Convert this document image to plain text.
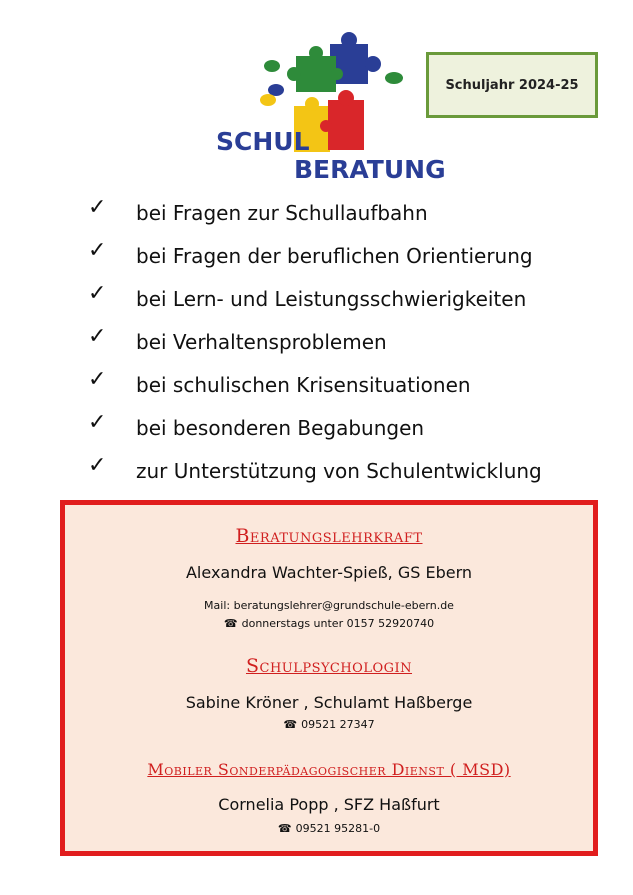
SCHUL
BERATUNG
Schuljahr 2024-25
✓ bei Fragen zur Schullaufbahn
✓ bei Fragen der beruflichen Orientierung
✓ bei Lern- und Leistungsschwierigkeiten
✓ bei Verhaltensproblemen
✓ bei schulischen Krisensituationen
✓ bei besonderen Begabungen
✓ zur Unterstützung von Schulentwicklung
Beratungslehrkraft
Alexandra Wachter-Spieß, GS Ebern
Mail: beratungslehrer@grundschule-ebern.de
☎ donnerstags unter 0157 52920740
Schulpsychologin
Sabine Kröner , Schulamt Haßberge
☎ 09521 27347
Mobiler Sonderpädagogischer Dienst ( MSD)
Cornelia Popp , SFZ Haßfurt
☎ 09521 95281-0
